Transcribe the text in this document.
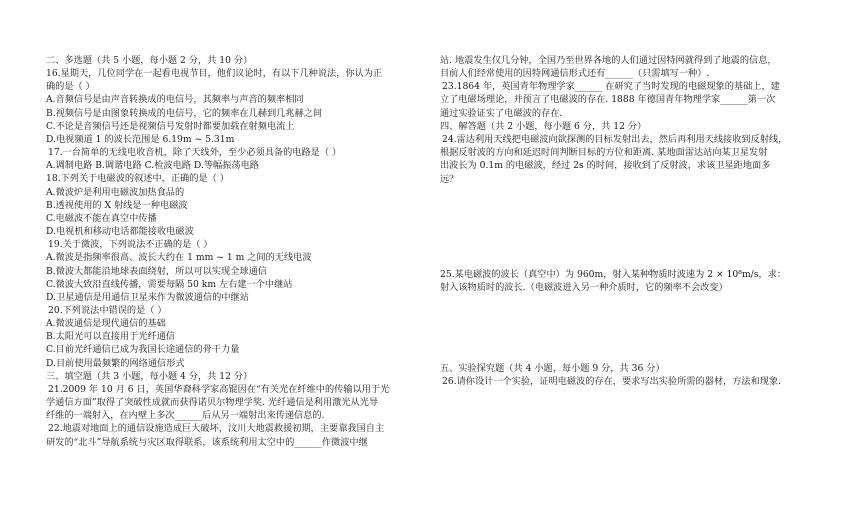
二、多选题（共 5 小题，每小题 2 分，共 10 分）
16.星期天，几位同学在一起看电视节目，他们议论时，有以下几种说法，你认为正
确的是（ ）
A.音频信号是由声音转换成的电信号，其频率与声音的频率相同
B.视频信号是由图象转换成的电信号，它的频率在几赫到几兆赫之间
C.不论是音频信号还是视频信号发射时都要加载在射频电流上
D.电视频道 1 的波长范围是 6.19m ~ 5.31m
17.一台简单的无线电收音机，除了天线外，至少必须具备的电路是（ ）
A.调制电路 B.调谐电路 C.检波电路 D.等幅振荡电路
18.下列关于电磁波的叙述中，正确的是（ ）
A.微波炉是利用电磁波加热食品的
B.透视使用的 X 射线是一种电磁波
C.电磁波不能在真空中传播
D.电视机和移动电话都能接收电磁波
19.关于微波，下列说法不正确的是（ ）
A.微波是指频率很高、波长大约在 1 mm ~ 1 m 之间的无线电波
B.微波大都能沿地球表面绕射，所以可以实现全球通信
C.微波大致沿直线传播，需要每隔 50 km 左右建一个中继站
D.卫星通信是用通信卫星来作为微波通信的中继站
20.下列说法中错误的是（ ）
A.微波通信是现代通信的基础
B.太阳光可以直接用于光纤通信
C.目前光纤通信已成为我国长途通信的骨干力量
D.目前使用最频繁的网络通信形式
三、填空题（共 3 小题，每小题 4 分，共 12 分）
21.2009 年 10 月 6 日，英国华裔科学家高锟因在“有关光在纤维中的传输以用于光
学通信方面”取得了突破性成就而获得诺贝尔物理学奖. 光纤通信是利用激光从光导
纤维的一端射入，在内壁上多次______后从另一端射出来传递信息的.
22.地震对地面上的通信设施造成巨大破坏，汶川大地震救援初期，主要靠我国自主
研发的“北斗”导航系统与灾区取得联系，该系统利用太空中的______作微波中继
站. 地震发生仅几分钟，全国乃至世界各地的人们通过因特网就得到了地震的信息，
目前人们经常使用的因特网通信形式还有______（只需填写一种）.
23.1864 年，英国青年物理学家______ 在研究了当时发现的电磁现象的基础上，建
立了电磁场理论，并预言了电磁波的存在. 1888 年德国青年物理学家______第一次
通过实验证实了电磁波的存在.
四、解答题（共 2 小题，每小题 6 分，共 12 分）
24.雷达利用天线把电磁波向欲探测的目标发射出去，然后再利用天线接收到反射线，
根据反射波的方向和延迟时间判断目标的方位和距离. 某地面雷达站向某卫星发射
出波长为 0.1m 的电磁波，经过 2s 的时间，接收到了反射波，求该卫星距地面多
远？
25.某电磁波的波长（真空中）为 960m，射入某种物质时波速为 2 × 10⁸m/s，求：
射入该物质时的波长.（电磁波进入另一种介质时，它的频率不会改变）
五、实验探究题（共 4 小题，每小题 9 分，共 36 分）
26.请你设计一个实验，证明电磁波的存在，要求写出实验所需的器材，方法和现象.
